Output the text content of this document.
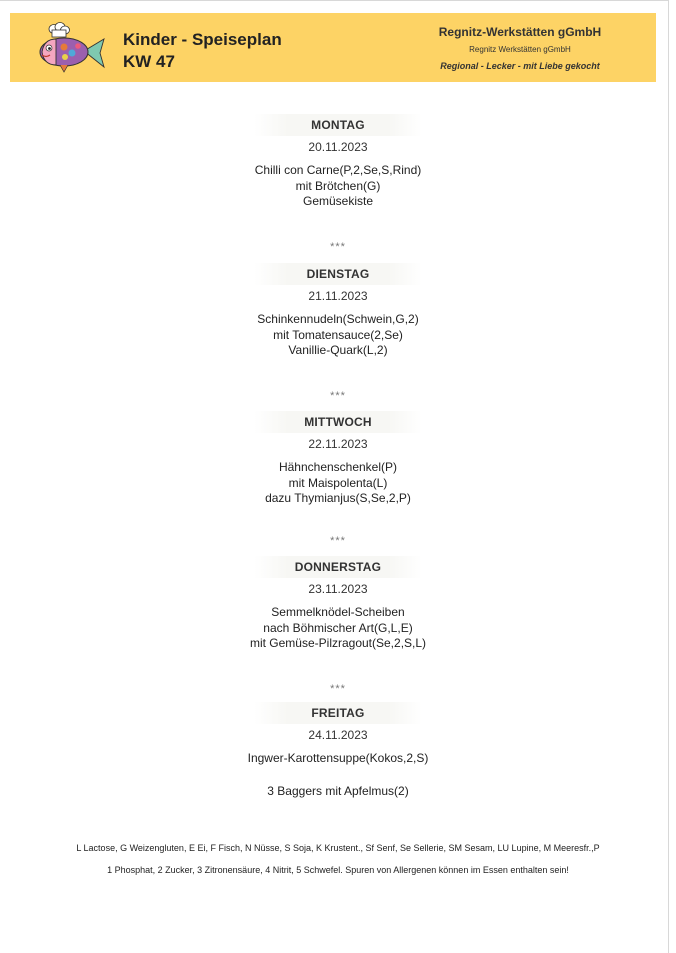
Kinder - Speiseplan
KW 47
Regnitz-Werkstätten gGmbH
Regnitz Werkstätten gGmbH
Regional - Lecker - mit Liebe gekocht
MONTAG
20.11.2023
Chilli con Carne(P,2,Se,S,Rind)
mit Brötchen(G)
Gemüsekiste
***
DIENSTAG
21.11.2023
Schinkennudeln(Schwein,G,2)
mit Tomatensauce(2,Se)
Vanillie-Quark(L,2)
***
MITTWOCH
22.11.2023
Hähnchenschenkel(P)
mit Maispolenta(L)
dazu Thymianjus(S,Se,2,P)
***
DONNERSTAG
23.11.2023
Semmelknödel-Scheiben
nach Böhmischer Art(G,L,E)
mit Gemüse-Pilzragout(Se,2,S,L)
***
FREITAG
24.11.2023
Ingwer-Karottensuppe(Kokos,2,S)
3 Baggers mit Apfelmus(2)
L Lactose, G Weizengluten, E Ei, F Fisch, N Nüsse, S Soja, K Krustent., Sf Senf, Se Sellerie, SM Sesam, LU Lupine, M Meeresfr.,P
1 Phosphat, 2 Zucker, 3 Zitronensäure, 4 Nitrit, 5 Schwefel. Spuren von Allergenen können im Essen enthalten sein!
